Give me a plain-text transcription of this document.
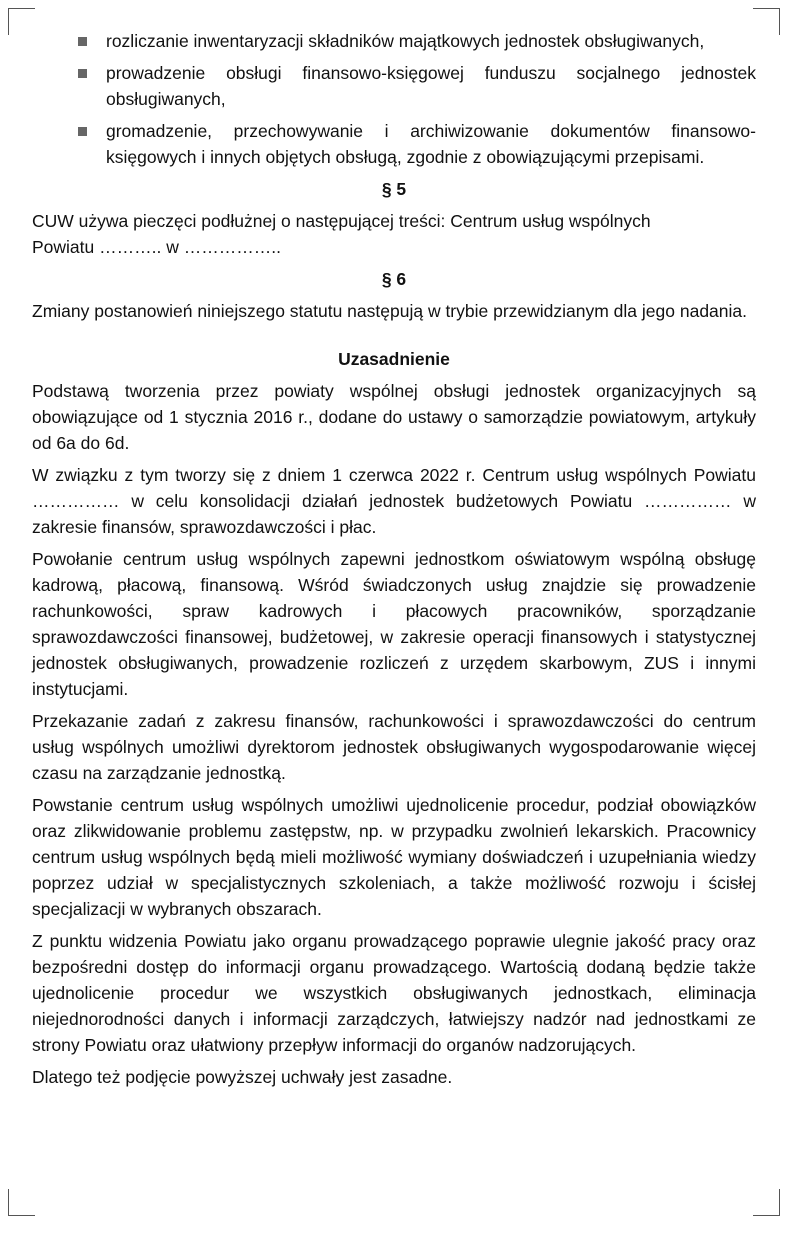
rozliczanie inwentaryzacji składników majątkowych jednostek obsługiwanych,
prowadzenie obsługi finansowo-księgowej funduszu socjalnego jednostek obsługiwanych,
gromadzenie, przechowywanie i archiwizowanie dokumentów finansowo-księgowych i innych objętych obsługą, zgodnie z obowiązującymi przepisami.
§ 5
CUW używa pieczęci podłużnej o następującej treści: Centrum usług wspólnych
Powiatu ……….. w ……………..
§ 6
Zmiany postanowień niniejszego statutu następują w trybie przewidzianym dla jego nadania.
Uzasadnienie
Podstawą tworzenia przez powiaty wspólnej obsługi jednostek organizacyjnych są obowiązujące od 1 stycznia 2016 r., dodane do ustawy o samorządzie powiatowym, artykuły od 6a do 6d.
W związku z tym tworzy się z dniem 1 czerwca 2022 r. Centrum usług wspólnych Powiatu …………… w celu konsolidacji działań jednostek budżetowych Powiatu …………… w zakresie finansów, sprawozdawczości i płac.
Powołanie centrum usług wspólnych zapewni jednostkom oświatowym wspólną obsługę kadrową, płacową, finansową. Wśród świadczonych usług znajdzie się prowadzenie rachunkowości, spraw kadrowych i płacowych pracowników, sporządzanie sprawozdawczości finansowej, budżetowej, w zakresie operacji finansowych i statystycznej jednostek obsługiwanych, prowadzenie rozliczeń z urzędem skarbowym, ZUS i innymi instytucjami.
Przekazanie zadań z zakresu finansów, rachunkowości i sprawozdawczości do centrum usług wspólnych umożliwi dyrektorom jednostek obsługiwanych wygospodarowanie więcej czasu na zarządzanie jednostką.
Powstanie centrum usług wspólnych umożliwi ujednolicenie procedur, podział obowiązków oraz zlikwidowanie problemu zastępstw, np. w przypadku zwolnień lekarskich. Pracownicy centrum usług wspólnych będą mieli możliwość wymiany doświadczeń i uzupełniania wiedzy poprzez udział w specjalistycznych szkoleniach, a także możliwość rozwoju i ścisłej specjalizacji w wybranych obszarach.
Z punktu widzenia Powiatu jako organu prowadzącego poprawie ulegnie jakość pracy oraz bezpośredni dostęp do informacji organu prowadzącego. Wartością dodaną będzie także ujednolicenie procedur we wszystkich obsługiwanych jednostkach, eliminacja niejednorodności danych i informacji zarządczych, łatwiejszy nadzór nad jednostkami ze strony Powiatu oraz ułatwiony przepływ informacji do organów nadzorujących.
Dlatego też podjęcie powyższej uchwały jest zasadne.
